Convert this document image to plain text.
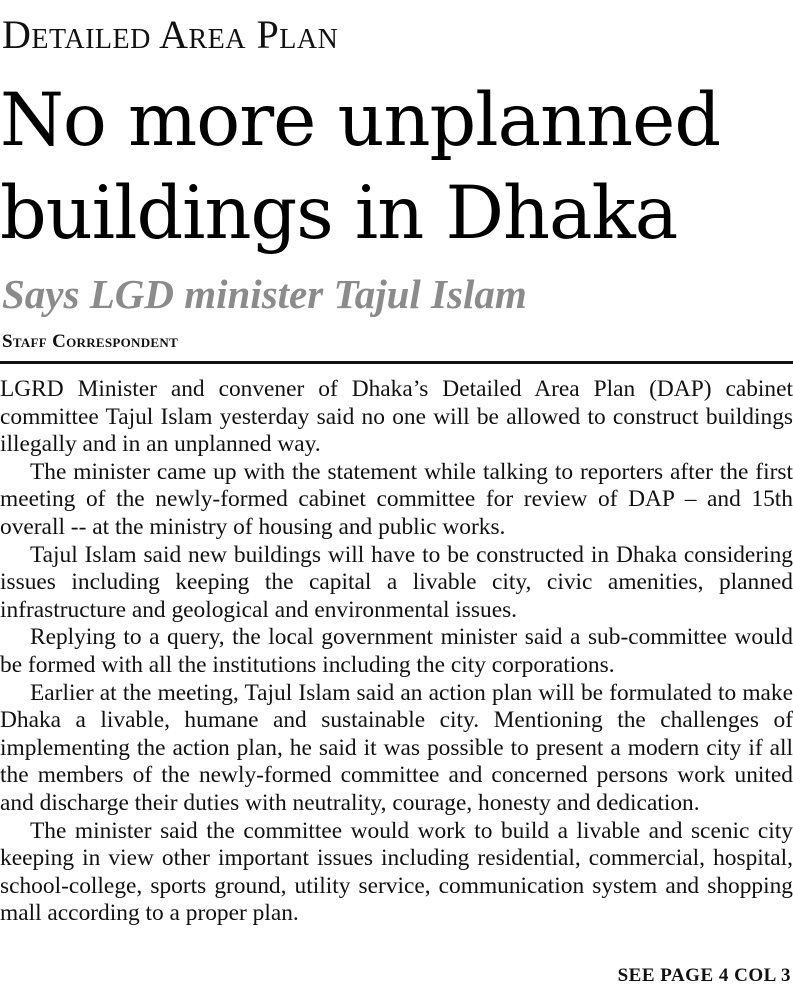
Detailed Area Plan
No more unplanned buildings in Dhaka
Says LGD minister Tajul Islam
Staff Correspondent

LGRD Minister and convener of Dhaka’s Detailed Area Plan (DAP) cabinet committee Tajul Islam yesterday said no one will be allowed to construct buildings illegally and in an unplanned way.

The minister came up with the statement while talking to reporters after the first meeting of the newly-formed cabinet committee for review of DAP – and 15th overall -- at the ministry of housing and public works.

Tajul Islam said new buildings will have to be constructed in Dhaka considering issues including keeping the capital a livable city, civic amenities, planned infrastructure and geological and environmental issues.

Replying to a query, the local government minister said a sub-committee would be formed with all the institutions including the city corporations.

Earlier at the meeting, Tajul Islam said an action plan will be formulated to make Dhaka a livable, humane and sustainable city. Mentioning the challenges of implementing the action plan, he said it was possible to present a modern city if all the members of the newly-formed committee and concerned persons work united and discharge their duties with neutrality, courage, honesty and dedication.

The minister said the committee would work to build a livable and scenic city keeping in view other important issues including residential, commercial, hospital, school-college, sports ground, utility service, communication system and shopping mall according to a proper plan.

SEE PAGE 4 COL 3
